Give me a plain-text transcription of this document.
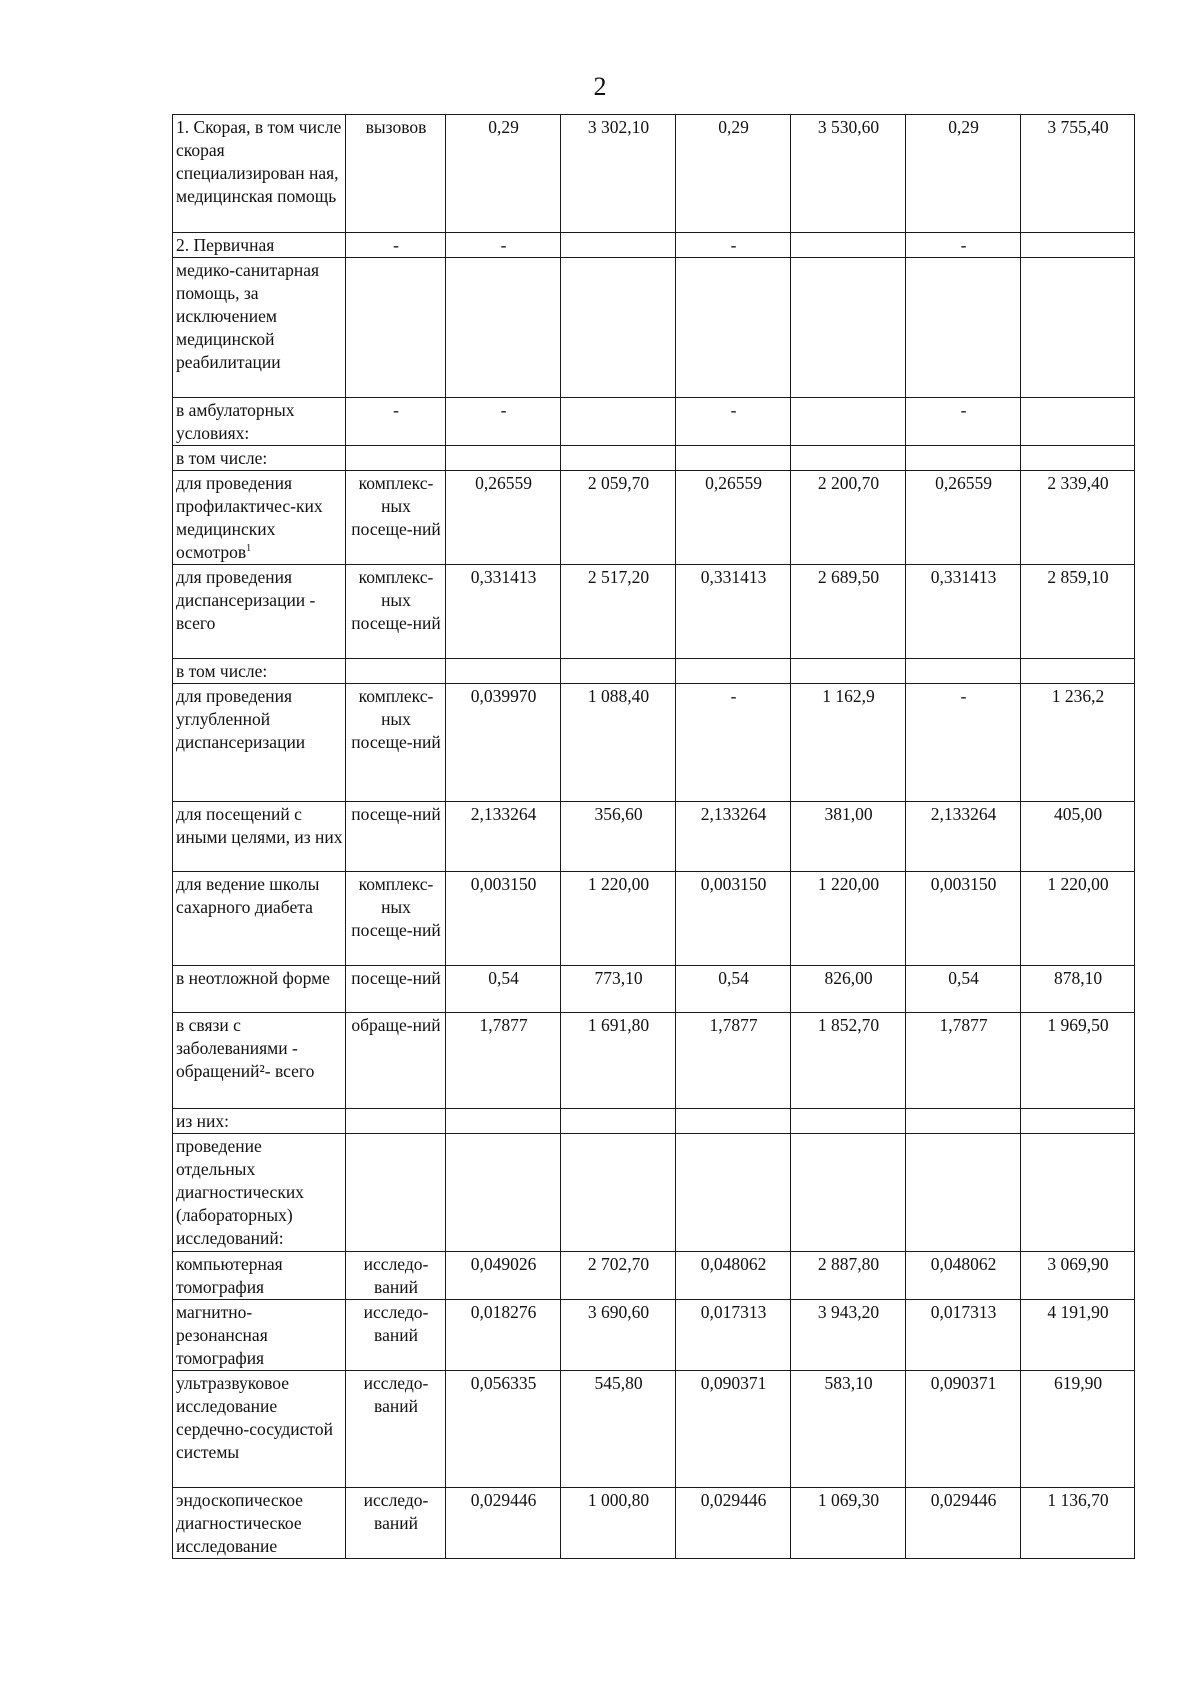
2
1. Скорая, в том числе скорая специализирован ная, медицинская помощь	вызовов	0,29	3 302,10	0,29	3 530,60	0,29	3 755,40
2. Первичная	-	-		-		-	
медико-санитарная помощь, за исключением медицинской реабилитации							
в амбулаторных условиях:	-	-		-		-	
в том числе:							
для проведения профилактичес-ких медицинских осмотров$^1$	комплекс-ных посеще-ний	0,26559	2 059,70	0,26559	2 200,70	0,26559	2 339,40
для проведения диспансеризации - всего	комплекс-ных посеще-ний	0,331413	2 517,20	0,331413	2 689,50	0,331413	2 859,10
в том числе:							
для проведения углубленной диспансеризации	комплекс-ных посеще-ний	0,039970	1 088,40	-	1 162,9	-	1 236,2
для посещений с иными целями, из них	посеще-ний	2,133264	356,60	2,133264	381,00	2,133264	405,00
для ведение школы сахарного диабета	комплекс-ных посеще-ний	0,003150	1 220,00	0,003150	1 220,00	0,003150	1 220,00
в неотложной форме	посеще-ний	0,54	773,10	0,54	826,00	0,54	878,10
в связи с заболеваниями - обращений²- всего	обраще-ний	1,7877	1 691,80	1,7877	1 852,70	1,7877	1 969,50
из них:							
проведение отдельных диагностических (лабораторных) исследований:							
компьютерная томография	исследо-ваний	0,049026	2 702,70	0,048062	2 887,80	0,048062	3 069,90
магнитно-резонансная томография	исследо-ваний	0,018276	3 690,60	0,017313	3 943,20	0,017313	4 191,90
ультразвуковое исследование сердечно-сосудистой системы	исследо-ваний	0,056335	545,80	0,090371	583,10	0,090371	619,90
эндоскопическое диагностическое исследование	исследо-ваний	0,029446	1 000,80	0,029446	1 069,30	0,029446	1 136,70
